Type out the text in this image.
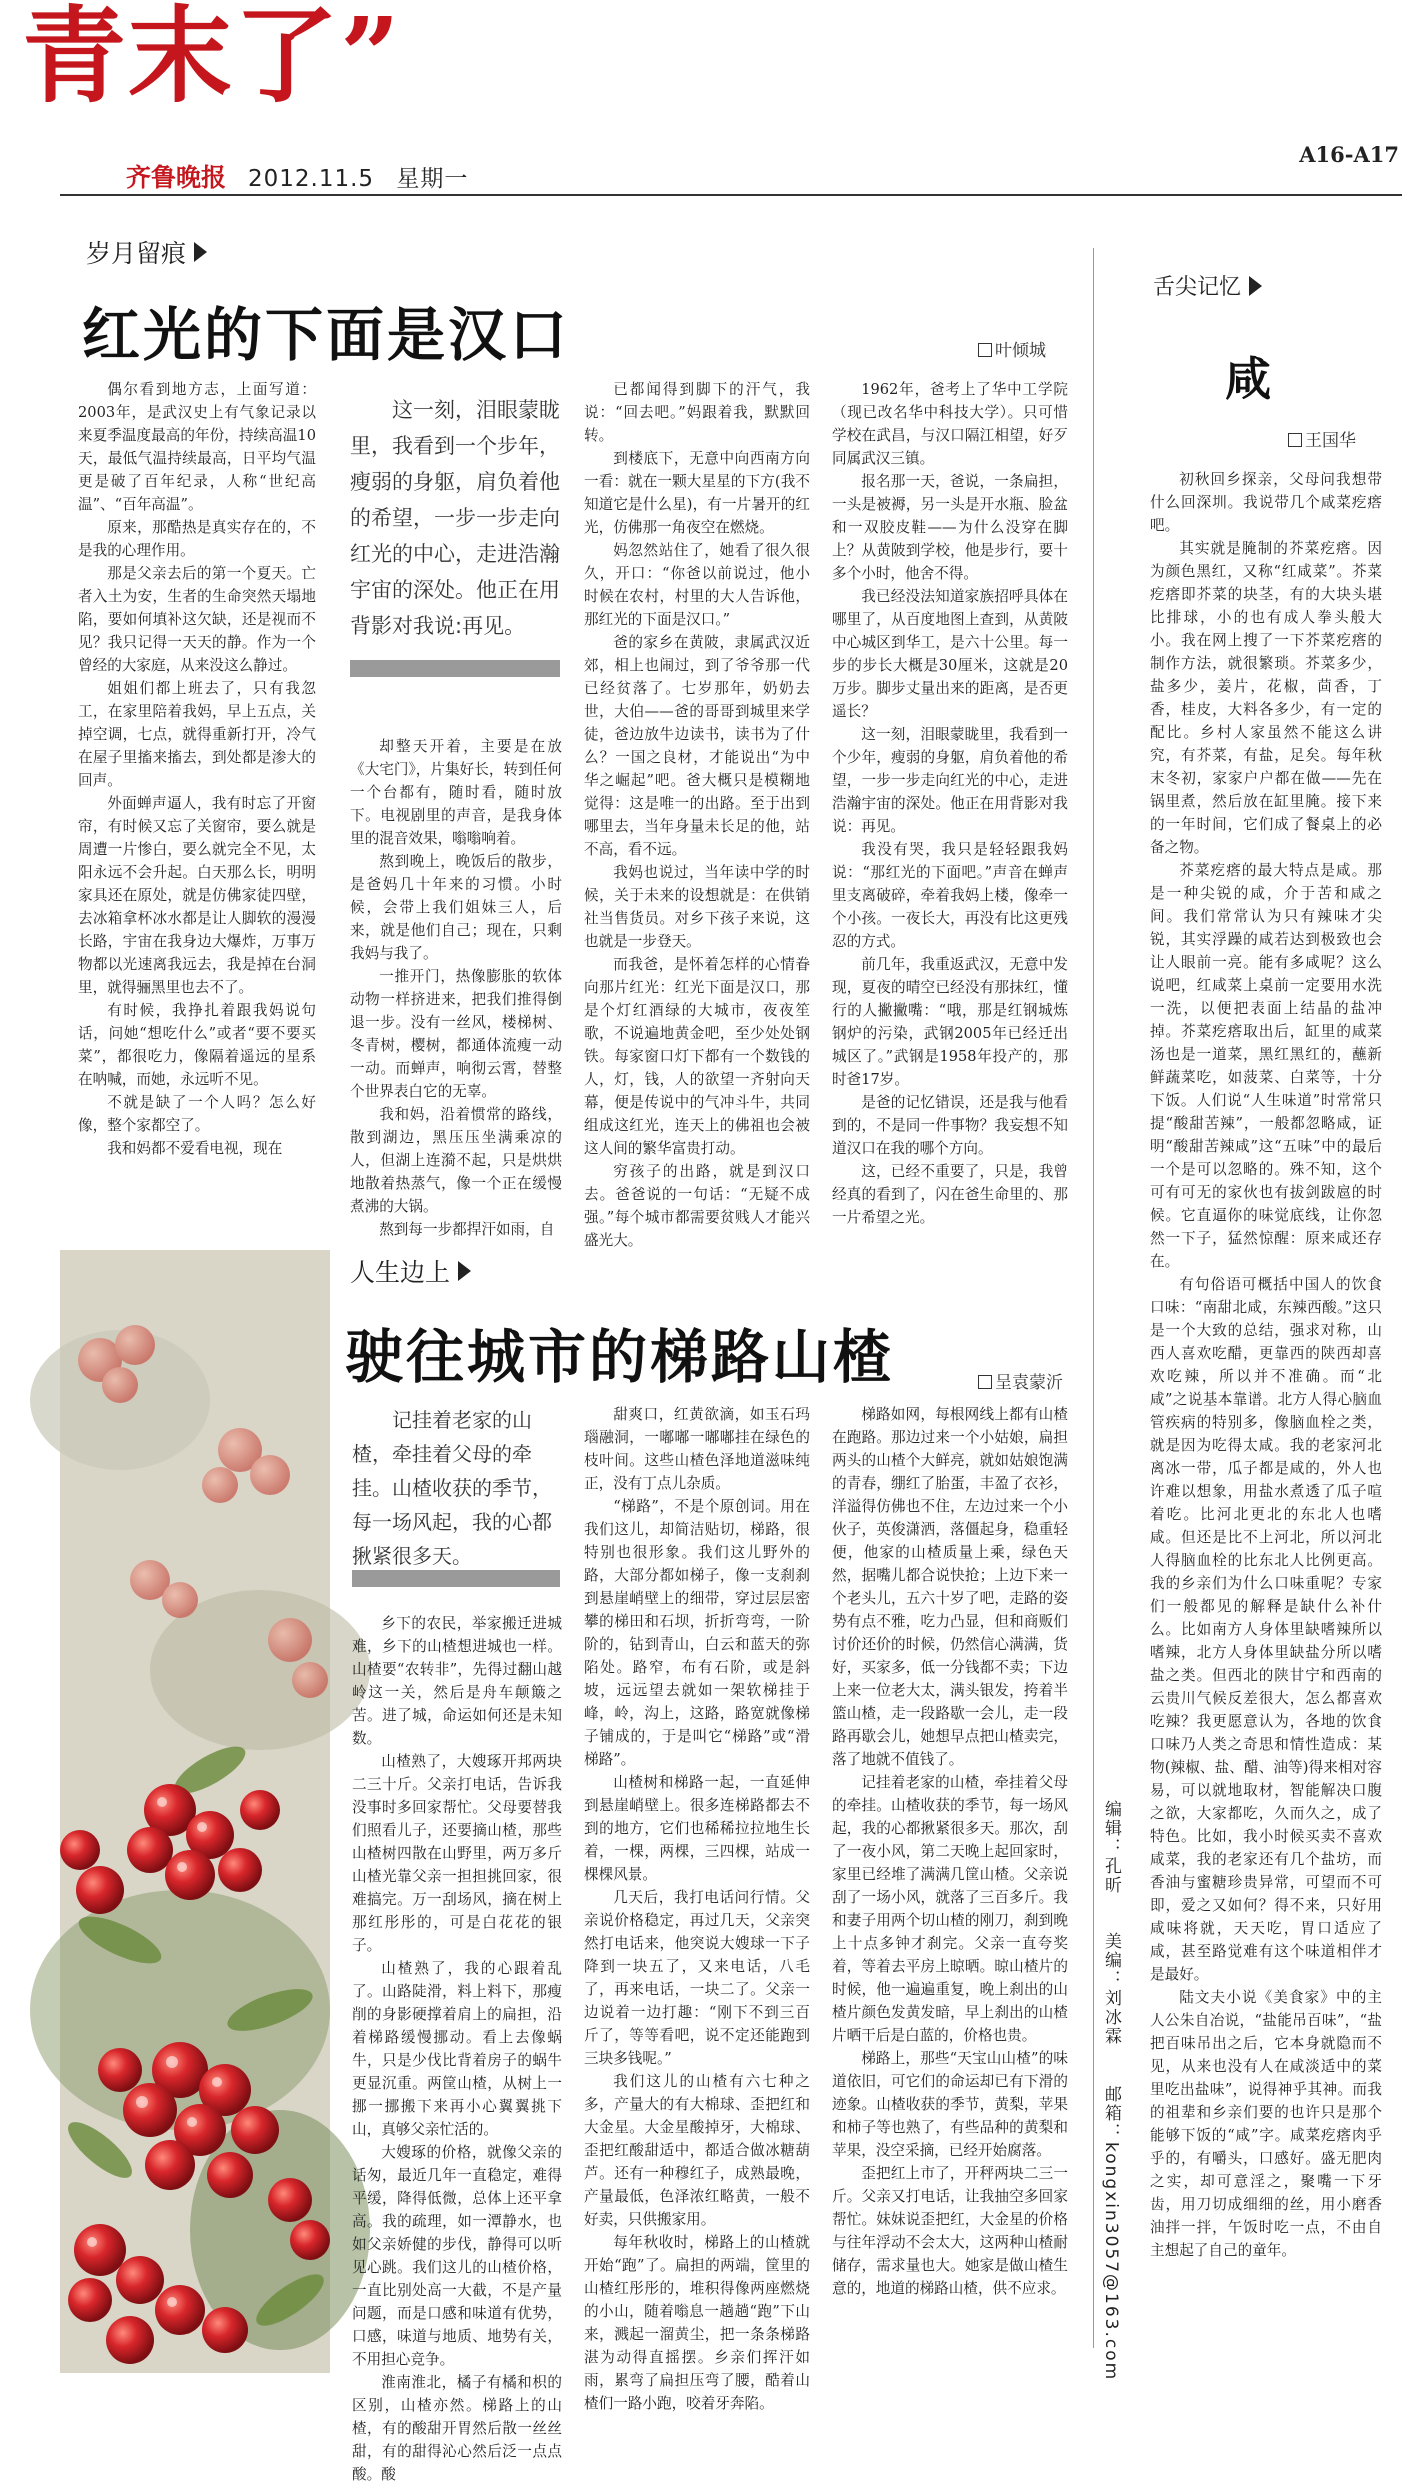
青末了”
齐鲁晚报 2012.11.5 星期一
A16-A17
岁月留痕
红光的下面是汉口	叶倾城

偶尔看到地方志，上面写道：2003年，是武汉史上有气象记录以来夏季温度最高的年份，持续高温10天，最低气温持续最高，日平均气温更是破了百年纪录，人称“世纪高温”、“百年高温”。

原来，那酷热是真实存在的，不是我的心理作用。

那是父亲去后的第一个夏天。亡者入土为安，生者的生命突然天塌地陷，要如何填补这欠缺，还是视而不见？我只记得一天天的静。作为一个曾经的大家庭，从来没这么静过。

姐姐们都上班去了，只有我忽工，在家里陪着我妈，早上五点，关掉空调，七点，就得重新打开，冷气在屋子里搐来搐去，到处都是渗大的回声。

外面蝉声逼人，我有时忘了开窗帘，有时候又忘了关窗帘，要么就是周遭一片惨白，要么就完全不见，太阳永远不会升起。白天那么长，明明家具还在原处，就是仿佛家徒四壁，去冰箱拿杯冰水都是让人脚软的漫漫长路，宇宙在我身边大爆炸，万事万物都以光速离我远去，我是掉在台洞里，就得骊黑里也去不了。

有时候，我挣扎着跟我妈说句话，问她“想吃什么”或者“要不要买菜”，都很吃力，像隔着遥远的星系在呐喊，而她，永远听不见。

不就是缺了一个人吗？怎么好像，整个家都空了。

我和妈都不爱看电视，现在

这一刻，泪眼蒙眬里，我看到一个步年，瘦弱的身躯，肩负着他的希望，一步一步走向红光的中心，走进浩瀚宇宙的深处。他正在用背影对我说:再见。

却整天开着，主要是在放《大宅门》，片集好长，转到任何一个台都有，随时看，随时放下。电视剧里的声音，是我身体里的混音效果，嗡嗡响着。

熬到晚上，晚饭后的散步，是爸妈几十年来的习惯。小时候，会带上我们姐妹三人，后来，就是他们自己；现在，只剩我妈与我了。

一推开门，热像膨胀的软体动物一样挤进来，把我们推得倒退一步。没有一丝风，楼梯树、冬青树，樱树，都通体流瘦一动一动。而蝉声，响彻云霄，替整个世界表白它的无辜。

我和妈，沿着惯常的路线，散到湖边，黑压压坐满乘凉的人，但湖上连漪不起，只是烘烘地散着热蒸气，像一个正在缓慢煮沸的大锅。

熬到每一步都捍汗如雨，自

已都闻得到脚下的汗气，我说：“回去吧。”妈跟着我，默默回转。

到楼底下，无意中向西南方向一看：就在一颗大星星的下方(我不知道它是什么星)，有一片暑开的红光，仿佛那一角夜空在燃烧。

妈忽然站住了，她看了很久很久，开口：“你爸以前说过，他小时候在农村，村里的大人告诉他，那红光的下面是汉口。”

爸的家乡在黄陂，隶属武汉近郊，相上也闹过，到了爷爷那一代已经贫落了。七岁那年，奶奶去世，大伯——爸的哥哥到城里来学徒，爸边放牛边读书，读书为了什么？一国之良材，才能说出“为中华之崛起”吧。爸大概只是模糊地觉得：这是唯一的出路。至于出到哪里去，当年身量未长足的他，站不高，看不远。

我妈也说过，当年读中学的时候，关于未来的设想就是：在供销社当售货员。对乡下孩子来说，这也就是一步登天。

而我爸，是怀着怎样的心情眷向那片红光：红光下面是汉口，那是个灯红酒绿的大城市，夜夜笙歌，不说遍地黄金吧，至少处处钢铁。每家窗口灯下都有一个数钱的人，灯，钱，人的欲望一齐射向天幕，便是传说中的气冲斗牛，共同组成这红光，连天上的佛祖也会被这人间的繁华富贵打动。

穷孩子的出路，就是到汉口去。爸爸说的一句话：“无疑不成强。”每个城市都需要贫贱人才能兴盛光大。

1962年，爸考上了华中工学院（现已改名华中科技大学）。只可惜学校在武昌，与汉口隔江相望，好歹同属武汉三镇。

报名那一天，爸说，一条扁担，一头是被褥，另一头是开水瓶、脸盆和一双胶皮鞋——为什么没穿在脚上？从黄陂到学校，他是步行，要十多个小时，他舍不得。

我已经没法知道家族招呼具体在哪里了，从百度地图上查到，从黄陂中心城区到华工，是六十公里。每一步的步长大概是30厘米，这就是20万步。脚步丈量出来的距离，是否更遥长？

这一刻，泪眼蒙眬里，我看到一个少年，瘦弱的身躯，肩负着他的希望，一步一步走向红光的中心，走进浩瀚宇宙的深处。他正在用背影对我说：再见。

我没有哭，我只是轻轻跟我妈说：“那红光的下面吧。”声音在蝉声里支离破碎，牵着我妈上楼，像牵一个小孩。一夜长大，再没有比这更残忍的方式。

前几年，我重返武汉，无意中发现，夏夜的晴空已经没有那抹红，懂行的人撇撇嘴：“哦，那是红钢城炼钢炉的污染，武钢2005年已经迁出城区了。”武钢是1958年投产的，那时爸17岁。

是爸的记忆错误，还是我与他看到的，不是同一件事物？我妄想不知道汉口在我的哪个方向。

这，已经不重要了，只是，我曾经真的看到了，闪在爸生命里的、那一片希望之光。

人生边上
驶往城市的梯路山楂	呈袁蒙沂

记挂着老家的山楂，牵挂着父母的牵挂。山楂收获的季节，每一场风起，我的心都揪紧很多天。

乡下的农民，举家搬迁进城难，乡下的山楂想进城也一样。山楂要“农转非”，先得过翻山越岭这一关，然后是舟车颠簸之苦。进了城，命运如何还是未知数。

山楂熟了，大嫂琢开邦两块二三十斤。父亲打电话，告诉我没事时多回家帮忙。父母要替我们照看儿子，还要摘山楂，那些山楂树四散在山野里，两万多斤山楂光靠父亲一担担挑回家，很难搞完。万一刮场风，摘在树上那红彤彤的，可是白花花的银子。

山楂熟了，我的心跟着乱了。山路陡滑，料上料下，那瘦削的身影硬撑着肩上的扁担，沿着梯路缓慢挪动。看上去像蜗牛，只是少伐比背着房子的蜗牛更显沉重。两筐山楂，从树上一挪一挪搬下来再小心翼翼挑下山，真够父亲忙活的。

大嫂琢的价格，就像父亲的话匆，最近几年一直稳定，难得平缓，降得低微，总体上还平拿高。我的疏理，如一潭静水，也如父亲娇健的步伐，静得可以听见心跳。我们这儿的山楂价格，一直比别处高一大截，不是产量问题，而是口感和味道有优势，口感，味道与地质、地势有关，不用担心竞争。

淮南淮北，橘子有橘和枳的区别，山楂亦然。梯路上的山楂，有的酸甜开胃然后散一丝丝甜，有的甜得沁心然后泛一点点酸。酸

甜爽口，红黄欲滴，如玉石玛瑙融洞，一嘟嘟一嘟嘟挂在绿色的枝叶间。这些山楂色泽地道滋味纯正，没有丁点儿杂质。

“梯路”，不是个原创词。用在我们这儿，却简洁贴切，梯路，很特别也很形象。我们这儿野外的路，大部分都如梯子，像一支刹刹到悬崖峭壁上的细带，穿过层层密攀的梯田和石坝，折折弯弯，一阶阶的，钻到青山，白云和蓝天的弥陷处。路窄，布有石阶，或是斜坡，远远望去就如一架软梯挂于峰，岭，沟上，这路，路宽就像梯子铺成的，于是叫它“梯路”或“滑梯路”。

山楂树和梯路一起，一直延伸到悬崖峭壁上。很多连梯路都去不到的地方，它们也稀稀拉拉地生长着，一棵，两棵，三四棵，站成一棵棵风景。

几天后，我打电话问行情。父亲说价格稳定，再过几天，父亲突然打电话来，他突说大嫂球一下子降到一块五了，又来电话，八毛了，再来电话，一块二了。父亲一边说着一边打趣：“刚下不到三百斤了，等等看吧，说不定还能跑到三块多钱呢。”

我们这儿的山楂有六七种之多，产量大的有大棉球、歪把红和大金星。大金星酸掉牙，大棉球、歪把红酸甜适中，都适合做冰糖葫芦。还有一种穆红子，成熟最晚，产量最低，色泽浓红略黄，一般不好卖，只供搬家用。

每年秋收时，梯路上的山楂就开始“跑”了。扁担的两端，筐里的山楂红彤彤的，堆积得像两座燃烧的小山，随着嗡息一趟趟“跑”下山来，溅起一溜黄尘，把一条条梯路湛为动得直摇摆。乡亲们挥汗如雨，累弯了扁担压弯了腰，酷着山楂们一路小跑，咬着牙奔陷。

梯路如网，每根网线上都有山楂在跑路。那边过来一个小姑娘，扁担两头的山楂个大鲜亮，就如姑娘饱满的青春，绷红了胎蛋，丰盈了衣衫，洋溢得仿佛也不住，左边过来一个小伙子，英俊潇洒，落僵起身，稳重轻便，他家的山楂质量上乘，绿色天然，据嘴儿都合说快抢；上边下来一个老头儿，五六十岁了吧，走路的姿势有点不雅，吃力凸显，但和商贩们讨价还价的时候，仍然信心满满，货好，买家多，低一分钱都不卖；下边上来一位老大太，满头银发，挎着半篮山楂，走一段路歇一会儿，走一段路再歇会儿，她想早点把山楂卖完，落了地就不值钱了。

记挂着老家的山楂，牵挂着父母的牵挂。山楂收获的季节，每一场风起，我的心都揪紧很多天。那次，刮了一夜小风，第二天晚上起回家时，家里已经堆了满满几筐山楂。父亲说刮了一场小风，就落了三百多斤。我和妻子用两个切山楂的刚刀，刹到晚上十点多钟才刹完。父亲一直夸奖着，等着去平房上晾晒。晾山楂片的时候，他一遍遍重复，晚上刹出的山楂片颜色发黄发暗，早上刹出的山楂片晒干后是白蓝的，价格也贵。

梯路上，那些“天宝山山楂”的味道依旧，可它们的命运却已有下滑的迹象。山楂收获的季节，黄梨，苹果和柿子等也熟了，有些品种的黄梨和苹果，没空采摘，已经开始腐落。

歪把红上市了，开秤两块二三一斤。父亲又打电话，让我抽空多回家帮忙。妹妹说歪把红，大金星的价格与往年浮动不会太大，这两种山楂耐储存，需求量也大。她家是做山楂生意的，地道的梯路山楂，供不应求。

编辑：孔昕
美编：刘冰霖
邮箱：kongxin3057@163.com
舌尖记忆
咸
王国华

初秋回乡探亲，父母问我想带什么回深圳。我说带几个咸菜疙瘩吧。

其实就是腌制的芥菜疙瘩。因为颜色黑红，又称“红咸菜”。芥菜疙瘩即芥菜的块茎，有的大块头堪比排球，小的也有成人拳头般大小。我在网上搜了一下芥菜疙瘩的制作方法，就很繁琐。芥菜多少，盐多少，姜片，花椒，茴香，丁香，桂皮，大料各多少，有一定的配比。乡村人家虽然不能这么讲究，有芥菜，有盐，足矣。每年秋末冬初，家家户户都在做——先在锅里煮，然后放在缸里腌。接下来的一年时间，它们成了餐桌上的必备之物。

芥菜疙瘩的最大特点是咸。那是一种尖锐的咸，介于苦和咸之间。我们常常认为只有辣味才尖锐，其实浮躁的咸若达到极致也会让人眼前一亮。能有多咸呢？这么说吧，红咸菜上桌前一定要用水洗一洗，以便把表面上结晶的盐冲掉。芥菜疙瘩取出后，缸里的咸菜汤也是一道菜，黑红黑红的，蘸新鲜蔬菜吃，如菠菜、白菜等，十分下饭。人们说“人生味道”时常常只提“酸甜苦辣”，一般都忽略咸，证明“酸甜苦辣咸”这“五味”中的最后一个是可以忽略的。殊不知，这个可有可无的家伙也有拔剑跋扈的时候。它直逼你的味觉底线，让你忽然一下子，猛然惊醒：原来咸还存在。

有句俗语可概括中国人的饮食口味：“南甜北咸，东辣西酸。”这只是一个大致的总结，强求对称，山西人喜欢吃醋，更靠西的陕西却喜欢吃辣，所以并不准确。而“北咸”之说基本靠谱。北方人得心脑血管疾病的特别多，像脑血栓之类，就是因为吃得太咸。我的老家河北离冰一带，瓜子都是咸的，外人也许难以想象，用盐水煮透了瓜子喧着吃。比河北更北的东北人也嗜咸。但还是比不上河北，所以河北人得脑血栓的比东北人比例更高。我的乡亲们为什么口味重呢？专家们一般都见的解释是缺什么补什么。比如南方人身体里缺嗜辣所以嗜辣，北方人身体里缺盐分所以嗜盐之类。但西北的陕甘宁和西南的云贵川气候反差很大，怎么都喜欢吃辣？我更愿意认为，各地的饮食口味乃人类之奇思和情性造成：某物(辣椒、盐、醋、油等)得来相对容易，可以就地取材，智能解决口腹之欲，大家都吃，久而久之，成了特色。比如，我小时候买卖不喜欢咸菜，我的老家还有几个盐坊，而香油与蜜糖珍贵异常，可望而不可即，爱之又如何？得不来，只好用咸味将就，天天吃，胃口适应了咸，甚至路觉难有这个味道相伴才是最好。

陆文夫小说《美食家》中的主人公朱自冶说，“盐能吊百味”，“盐把百味吊出之后，它本身就隐而不见，从来也没有人在咸淡适中的菜里吃出盐味”，说得神乎其神。而我的祖辈和乡亲们要的也许只是那个能够下饭的“咸”字。咸菜疙瘩肉乎乎的，有嚼头，口感好。盛无肥肉之实，却可意淫之，聚嘴一下牙齿，用刀切成细细的丝，用小磨香油拌一拌，午饭时吃一点，不由自主想起了自己的童年。
